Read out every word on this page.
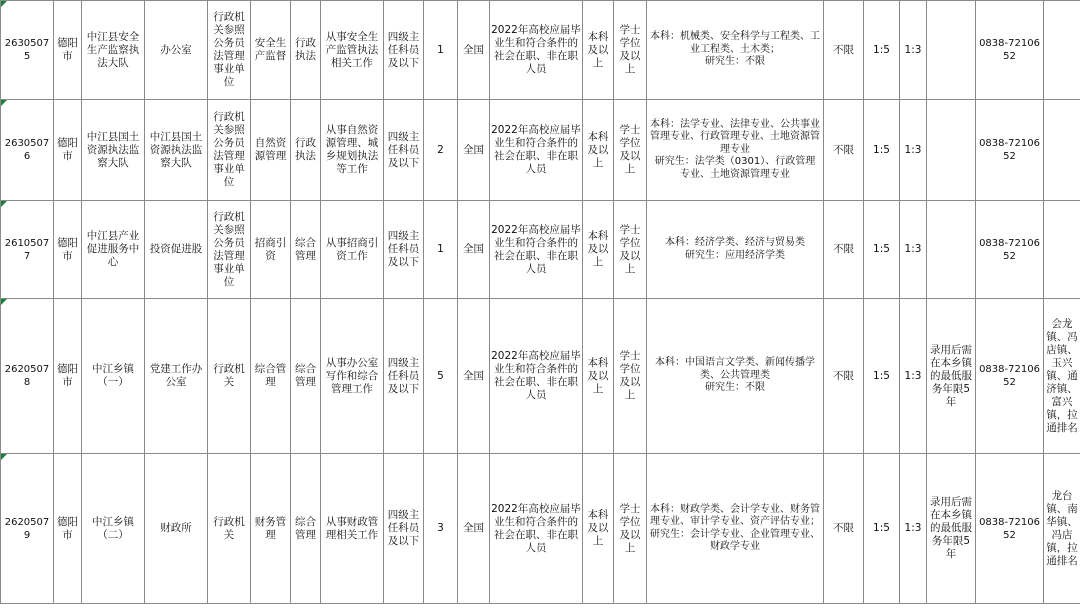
26305075	德阳市	中江县安全生产监察执法大队	办公室	行政机关参照公务员法管理事业单位	安全生产监督	行政执法	从事安全生产监管执法相关工作	四级主任科员及以下	1	全国	2022年高校应届毕业生和符合条件的社会在职、非在职人员	本科及以上	学士学位及以上	本科：机械类、安全科学与工程类、工业工程类、土木类；
研究生：不限	不限	1:5	1:3		0838-7210652	

26305076	德阳市	中江县国土资源执法监察大队	中江县国土资源执法监察大队	行政机关参照公务员法管理事业单位	自然资源管理	行政执法	从事自然资源管理、城乡规划执法等工作	四级主任科员及以下	2	全国	2022年高校应届毕业生和符合条件的社会在职、非在职人员	本科及以上	学士学位及以上	本科：法学专业、法律专业、公共事业管理专业、行政管理专业、土地资源管理专业
研究生：法学类（0301）、行政管理专业、土地资源管理专业	不限	1:5	1:3		0838-7210652	

26105077	德阳市	中江县产业促进服务中心	投资促进股	行政机关参照公务员法管理事业单位	招商引资	综合管理	从事招商引资工作	四级主任科员及以下	1	全国	2022年高校应届毕业生和符合条件的社会在职、非在职人员	本科及以上	学士学位及以上	本科：经济学类、经济与贸易类
研究生：应用经济学类	不限	1:5	1:3		0838-7210652	

26205078	德阳市	中江乡镇（一）	党建工作办公室	行政机关	综合管理	综合管理	从事办公室写作和综合管理工作	四级主任科员及以下	5	全国	2022年高校应届毕业生和符合条件的社会在职、非在职人员	本科及以上	学士学位及以上	本科：中国语言文学类、新闻传播学类、公共管理类
研究生：不限	不限	1:5	1:3	录用后需在本乡镇的最低服务年限5年	0838-7210652	会龙镇、冯店镇、玉兴镇、通济镇、富兴镇，拉通排名

26205079	德阳市	中江乡镇（二）	财政所	行政机关	财务管理	综合管理	从事财政管理相关工作	四级主任科员及以下	3	全国	2022年高校应届毕业生和符合条件的社会在职、非在职人员	本科及以上	学士学位及以上	本科：财政学类、会计学专业、财务管理专业、审计学专业、资产评估专业；
研究生：会计学专业、企业管理专业、财政学专业	不限	1:5	1:3	录用后需在本乡镇的最低服务年限5年	0838-7210652	龙台镇、南华镇、冯店镇，拉通排名
